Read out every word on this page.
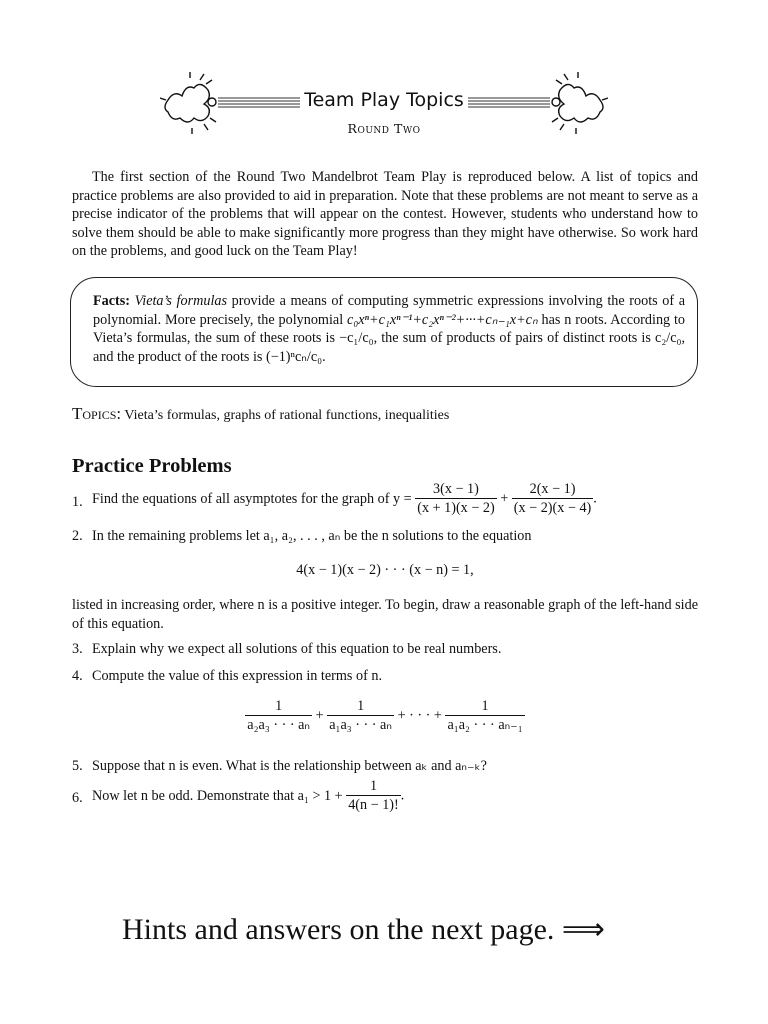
Team Play Topics
Round Two
The first section of the Round Two Mandelbrot Team Play is reproduced below. A list of topics and practice problems are also provided to aid in preparation. Note that these problems are not meant to serve as a precise indicator of the problems that will appear on the contest. However, students who understand how to solve them should be able to make significantly more progress than they might have otherwise. So work hard on the problems, and good luck on the Team Play!
Facts: Vieta’s formulas provide a means of computing symmetric expressions involving the roots of a polynomial. More precisely, the polynomial c₀xⁿ+c₁xⁿ⁻¹+c₂xⁿ⁻²+···+cₙ₋₁x+cₙ has n roots. According to Vieta’s formulas, the sum of these roots is −c₁/c₀, the sum of products of pairs of distinct roots is c₂/c₀, and the product of the roots is (−1)ⁿcₙ/c₀.
Topics: Vieta’s formulas, graphs of rational functions, inequalities
Practice Problems
1. Find the equations of all asymptotes for the graph of $y = \frac{3(x - 1)}{(x + 1)(x - 2)} + \frac{2(x - 1)}{(x - 2)(x - 4)}$ .
2. In the remaining problems let a₁, a₂, . . . , aₙ be the n solutions to the equation
4(x − 1)(x − 2) · · · (x − n) = 1,
listed in increasing order, where n is a positive integer. To begin, draw a reasonable graph of the left-hand side of this equation.
3. Explain why we expect all solutions of this equation to be real numbers.
4. Compute the value of this expression in terms of n.
$\frac{1}{\text{a₂a₃ · · · aₙ}} + \frac{1}{\text{a₁a₃ · · · aₙ}}$ + · · · + $\frac{1}{\text{a₁a₂ · · · aₙ₋₁}}$
5. Suppose that n is even. What is the relationship between aₖ and aₙ₋ₖ?
6. Now let n be odd. Demonstrate that $a_1 > 1 + \frac{1}{4(n - 1)!}$ .
Hints and answers on the next page. ⟹
